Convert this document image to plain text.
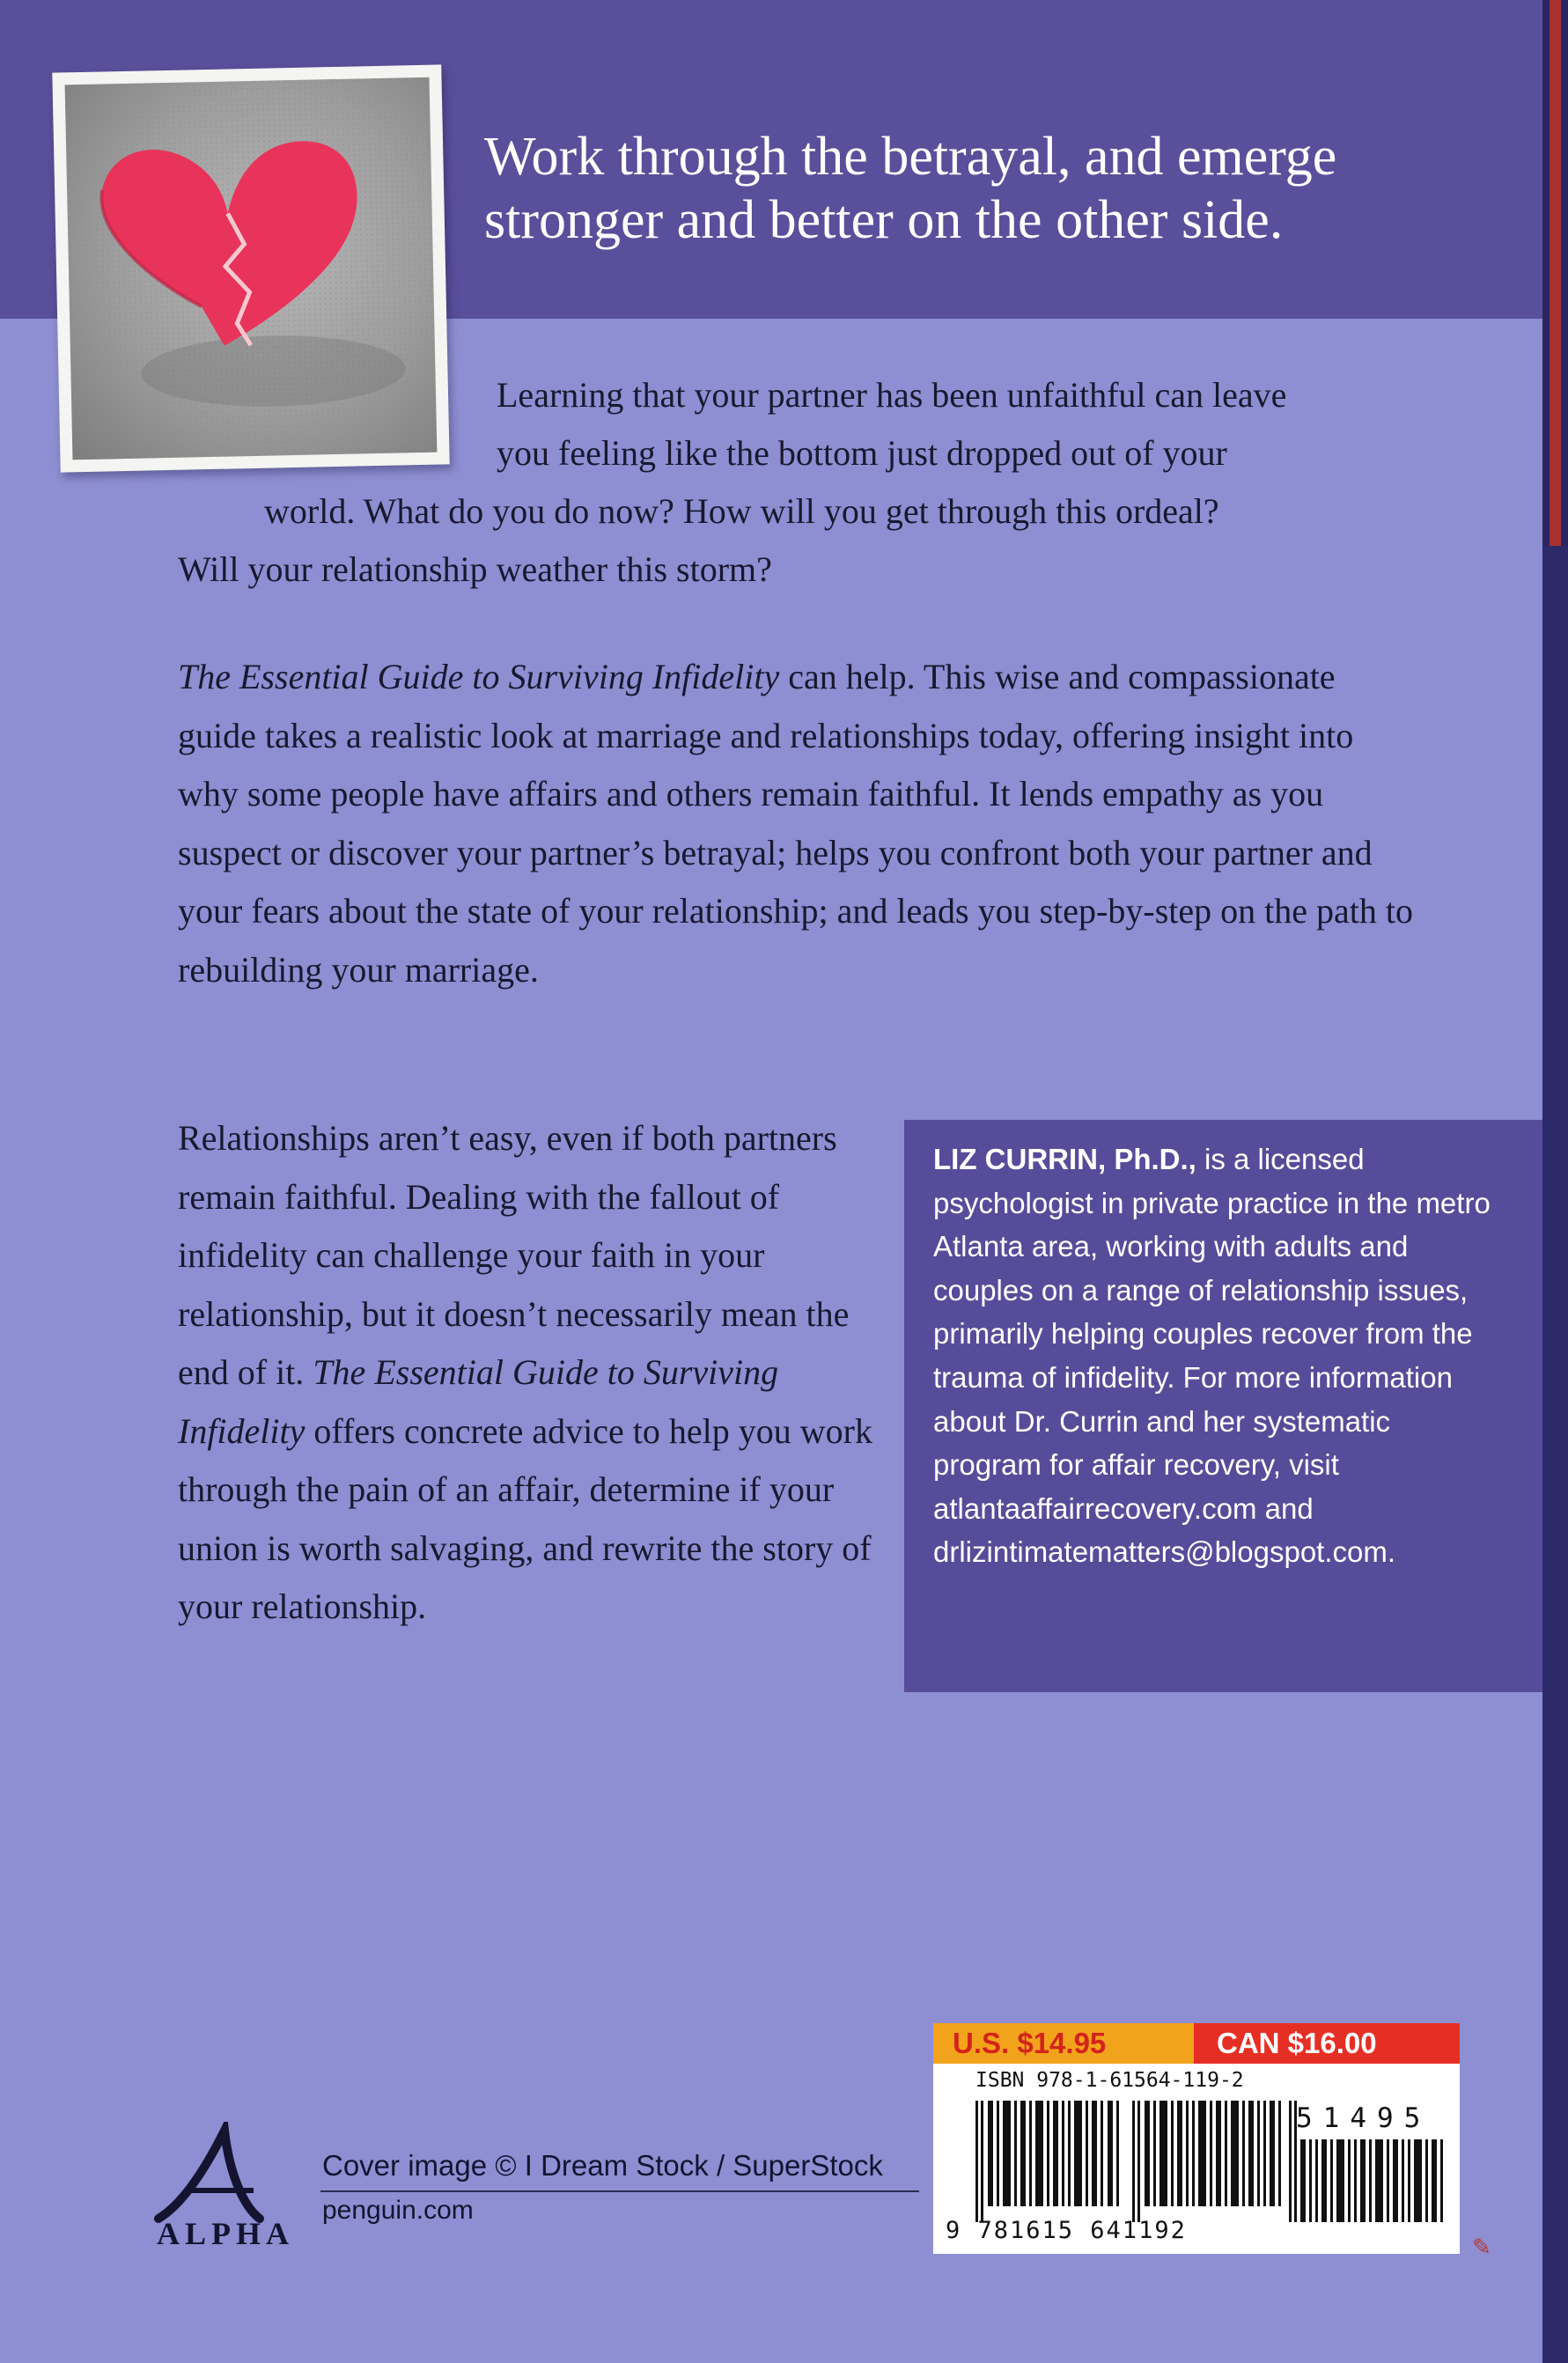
Work through the betrayal, and emerge stronger and better on the other side.

Learning that your partner has been unfaithful can leave

you feeling like the bottom just dropped out of your

world. What do you do now? How will you get through this ordeal?

Will your relationship weather this storm?

The Essential Guide to Surviving Infidelity can help. This wise and compassionate guide takes a realistic look at marriage and relationships today, offering insight into why some people have affairs and others remain faithful. It lends empathy as you suspect or discover your partner’s betrayal; helps you confront both your partner and your fears about the state of your relationship; and leads you step-by-step on the path to rebuilding your marriage.

Relationships aren’t easy, even if both partners remain faithful. Dealing with the fallout of infidelity can challenge your faith in your relationship, but it doesn’t necessarily mean the end of it. The Essential Guide to Surviving Infidelity offers concrete advice to help you work through the pain of an affair, determine if your union is worth salvaging, and rewrite the story of your relationship.

LIZ CURRIN, Ph.D., is a licensed psychologist in private practice in the metro Atlanta area, working with adults and couples on a range of relationship issues, primarily helping couples recover from the trauma of infidelity. For more information about Dr. Currin and her systematic program for affair recovery, visit atlantaaffairrecovery.com and drlizintimatematters@blogspot.com.

U.S. $14.95	CAN $16.00
ISBN 978-1-61564-119-2
51495
9 781615 641192
ALPHA
Cover image © I Dream Stock / SuperStock
penguin.com
✎
